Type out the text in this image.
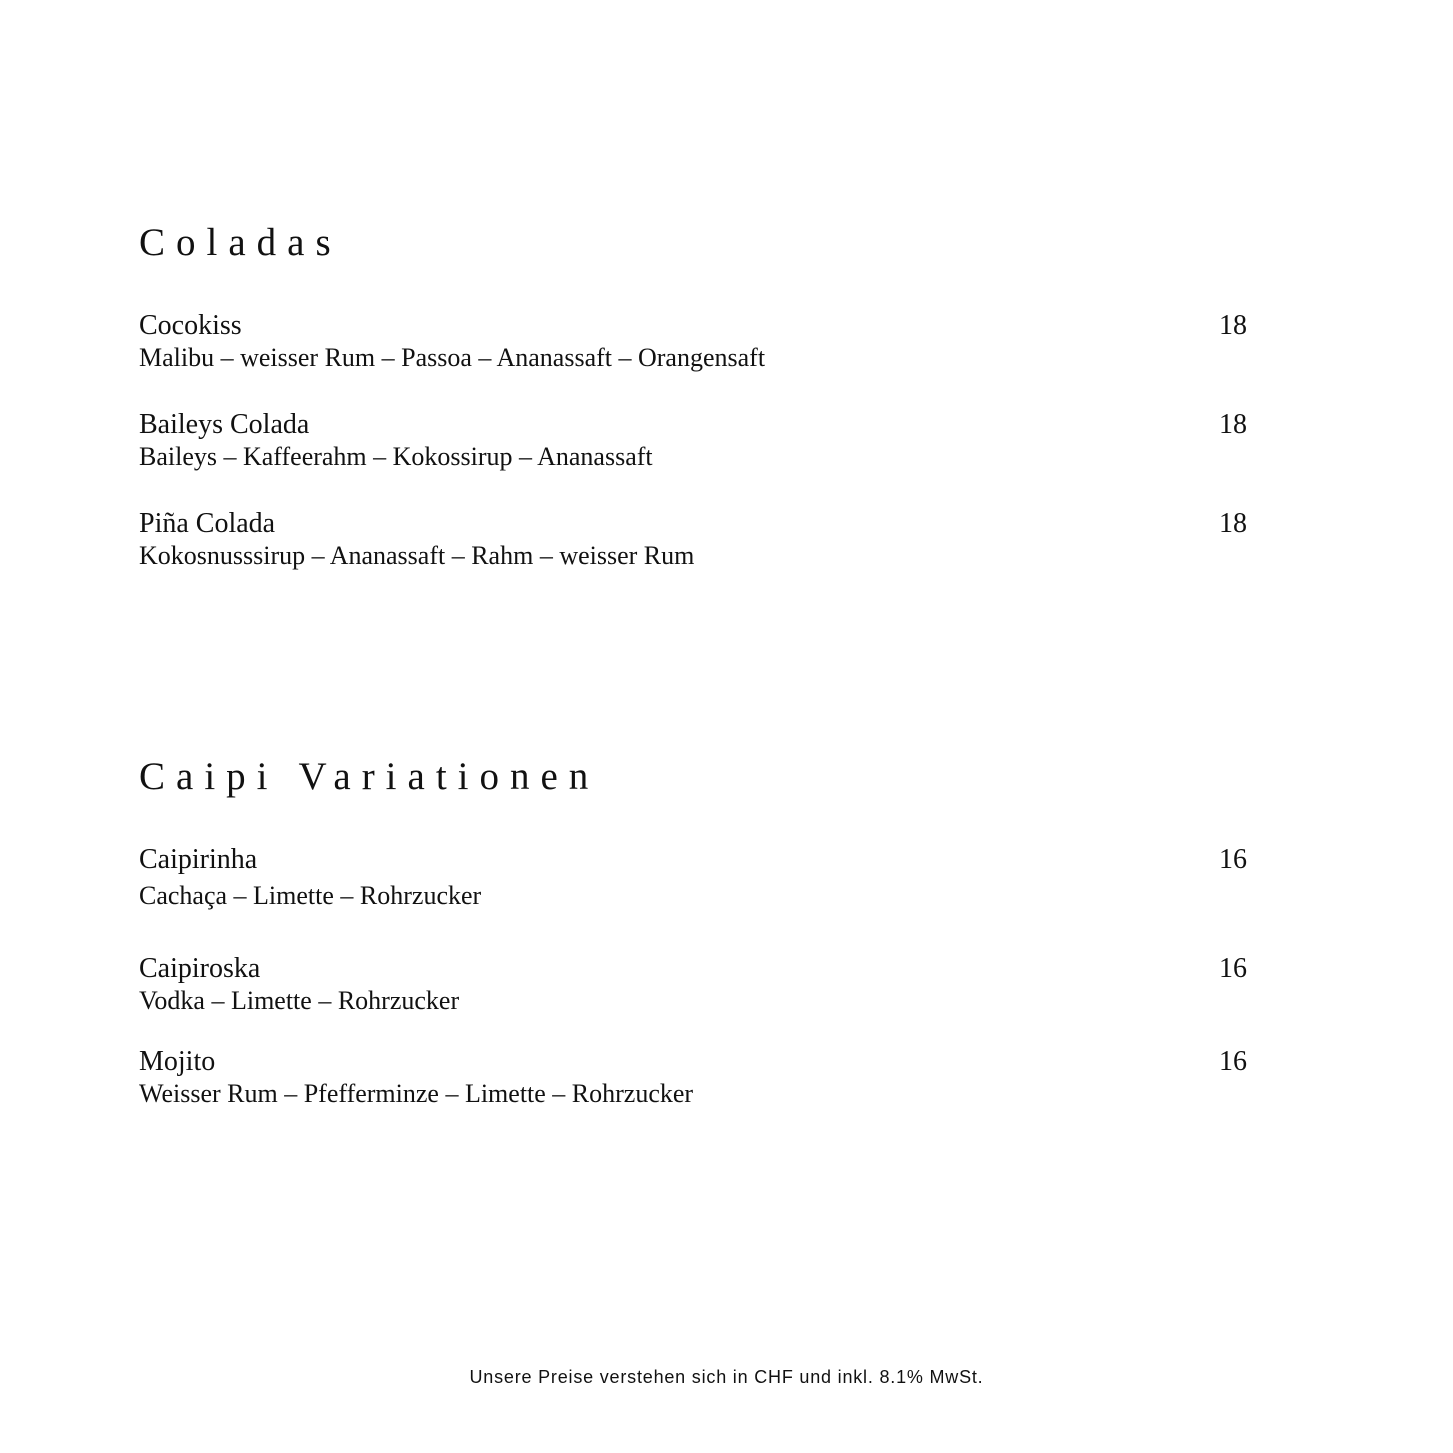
Coladas
Cocokiss	18
Malibu – weisser Rum – Passoa – Ananassaft – Orangensaft
Baileys Colada	18
Baileys – Kaffeerahm – Kokossirup – Ananassaft
Piña Colada	18
Kokosnusssirup – Ananassaft – Rahm – weisser Rum
Caipi Variationen
Caipirinha	16
Cachaça – Limette – Rohrzucker
Caipiroska	16
Vodka – Limette – Rohrzucker
Mojito	16
Weisser Rum – Pfefferminze – Limette – Rohrzucker
Unsere Preise verstehen sich in CHF und inkl. 8.1% MwSt.
